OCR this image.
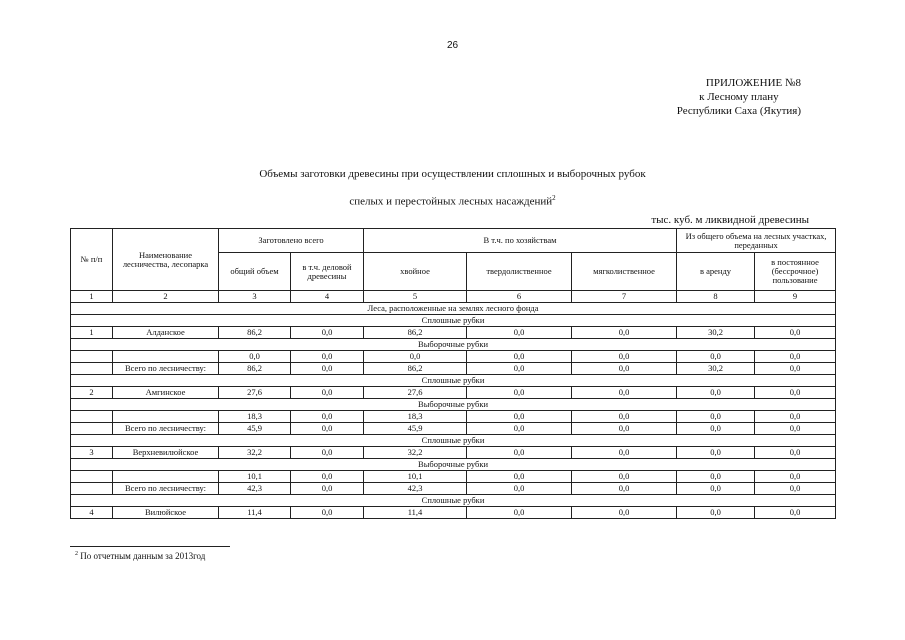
26
ПРИЛОЖЕНИЕ №8
к Лесному плану
Республики Саха (Якутия)
Объемы заготовки древесины при осуществлении сплошных и выборочных рубок
спелых и перестойных лесных насаждений$^2$
тыс. куб. м ликвидной древесины
№ п/п	Наименование лесничества, лесопарка	Заготовлено всего		В т.ч. по хозяйствам			Из общего объема на лесных участках, переданных	
		общий объем	в т.ч. деловой древесины	хвойное	твердолиственное	мягколиственное	в аренду	в постоянное (бессрочное) пользование
1	2	3	4	5	6	7	8	9
Леса, расположенные на землях лесного фонда								
Сплошные рубки								
1	Алданское	86,2	0,0	86,2	0,0	0,0	30,2	0,0
Выборочные рубки								
		0,0	0,0	0,0	0,0	0,0	0,0	0,0
	Всего по лесничеству:	86,2	0,0	86,2	0,0	0,0	30,2	0,0
Сплошные рубки								
2	Амгинское	27,6	0,0	27,6	0,0	0,0	0,0	0,0
Выборочные рубки								
		18,3	0,0	18,3	0,0	0,0	0,0	0,0
	Всего по лесничеству:	45,9	0,0	45,9	0,0	0,0	0,0	0,0
Сплошные рубки								
3	Верхневилюйское	32,2	0,0	32,2	0,0	0,0	0,0	0,0
Выборочные рубки								
		10,1	0,0	10,1	0,0	0,0	0,0	0,0
	Всего по лесничеству:	42,3	0,0	42,3	0,0	0,0	0,0	0,0
Сплошные рубки								
4	Вилюйское	11,4	0,0	11,4	0,0	0,0	0,0	0,0
$^2$ По отчетным данным за 2013год
